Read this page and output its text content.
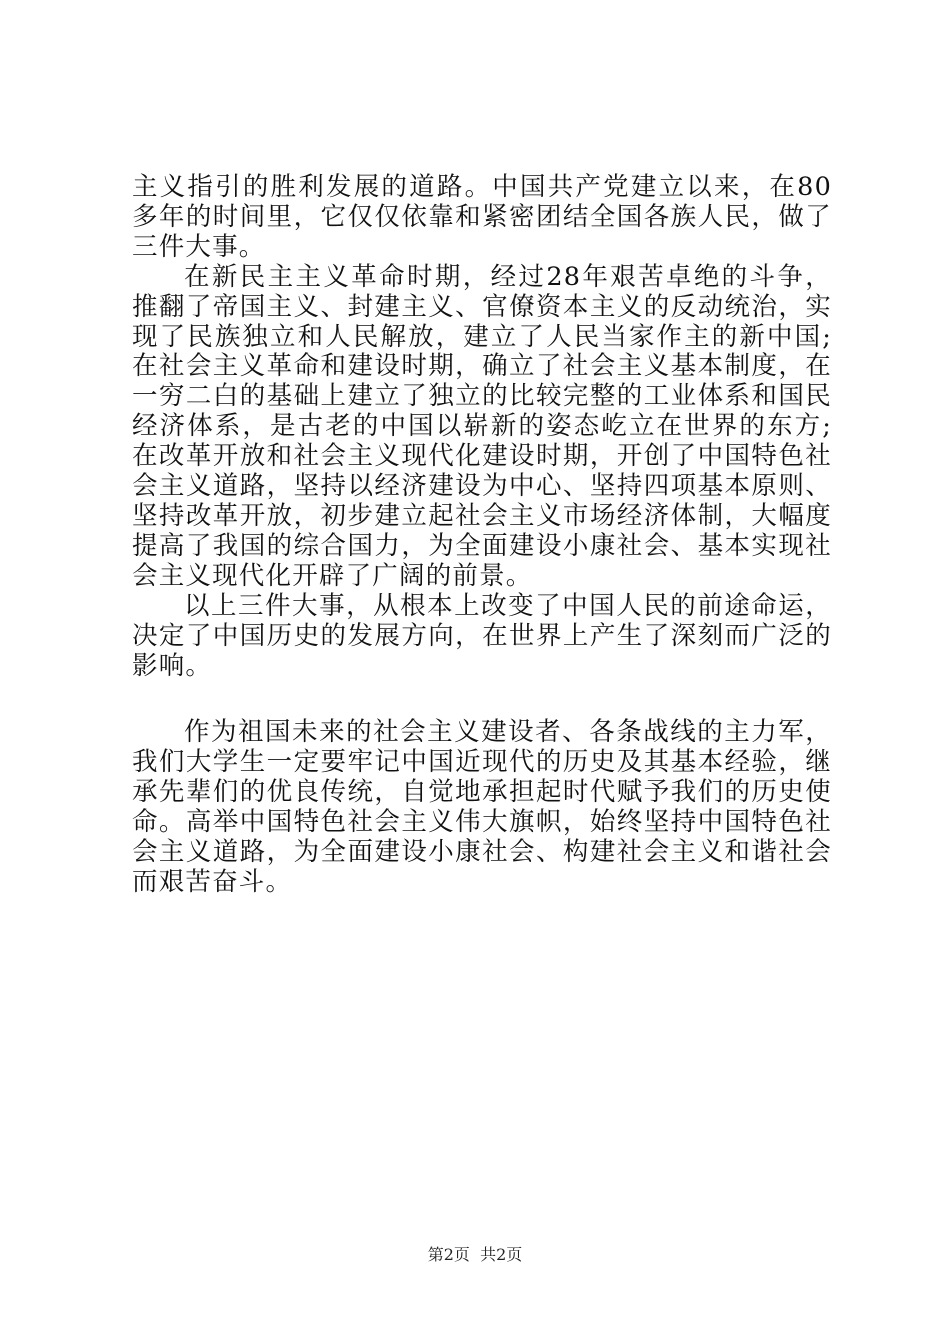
主义指引的胜利发展的道路。中国共产党建立以来，在80多年的时间里，它仅仅依靠和紧密团结全国各族人民，做了三件大事。

在新民主主义革命时期，经过28年艰苦卓绝的斗争，推翻了帝国主义、封建主义、官僚资本主义的反动统治，实现了民族独立和人民解放，建立了人民当家作主的新中国;在社会主义革命和建设时期，确立了社会主义基本制度，在一穷二白的基础上建立了独立的比较完整的工业体系和国民经济体系，是古老的中国以崭新的姿态屹立在世界的东方;在改革开放和社会主义现代化建设时期，开创了中国特色社会主义道路，坚持以经济建设为中心、坚持四项基本原则、坚持改革开放，初步建立起社会主义市场经济体制，大幅度提高了我国的综合国力，为全面建设小康社会、基本实现社会主义现代化开辟了广阔的前景。

以上三件大事，从根本上改变了中国人民的前途命运，决定了中国历史的发展方向，在世界上产生了深刻而广泛的影响。

作为祖国未来的社会主义建设者、各条战线的主力军，我们大学生一定要牢记中国近现代的历史及其基本经验，继承先辈们的优良传统，自觉地承担起时代赋予我们的历史使命。高举中国特色社会主义伟大旗帜，始终坚持中国特色社会主义道路，为全面建设小康社会、构建社会主义和谐社会而艰苦奋斗。

第2页  共2页
